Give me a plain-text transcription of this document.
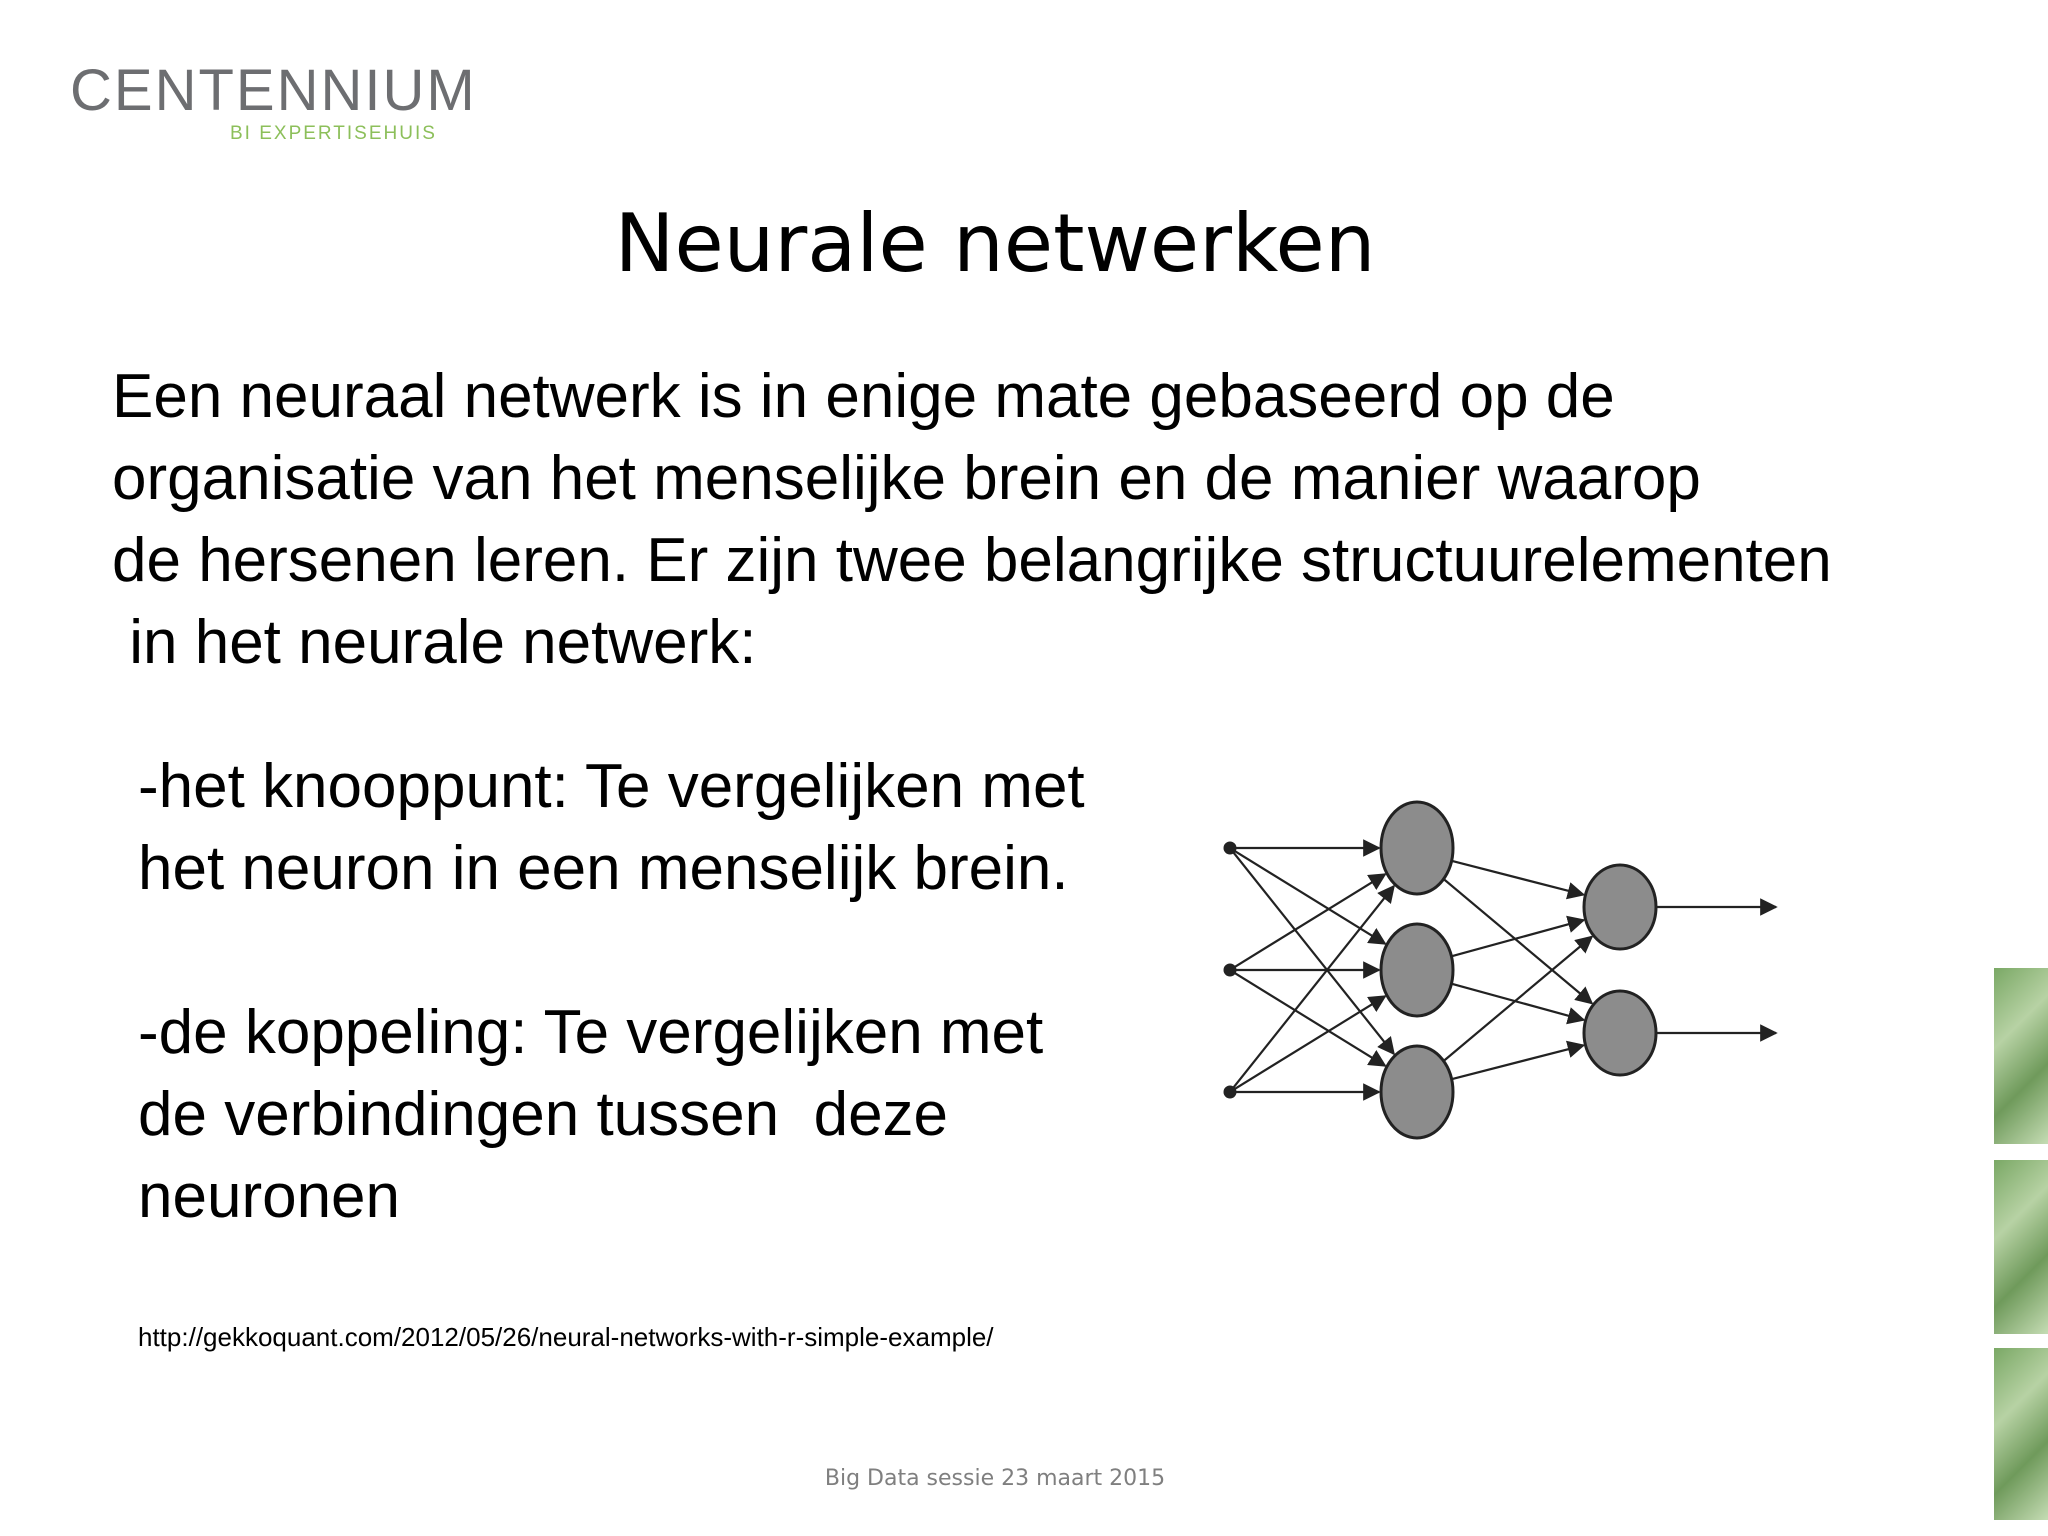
CENTENNIUM
BI EXPERTISEHUIS
Neurale netwerken
Een neuraal netwerk is in enige mate gebaseerd op de
organisatie van het menselijke brein en de manier waarop
de hersenen leren. Er zijn twee belangrijke structuurelementen
in het neurale netwerk:
-het knooppunt: Te vergelijken met
het neuron in een menselijk brein.
-de koppeling: Te vergelijken met
de verbindingen tussen  deze
neuronen
http://gekkoquant.com/2012/05/26/neural-networks-with-r-simple-example/
Big Data sessie 23 maart 2015
